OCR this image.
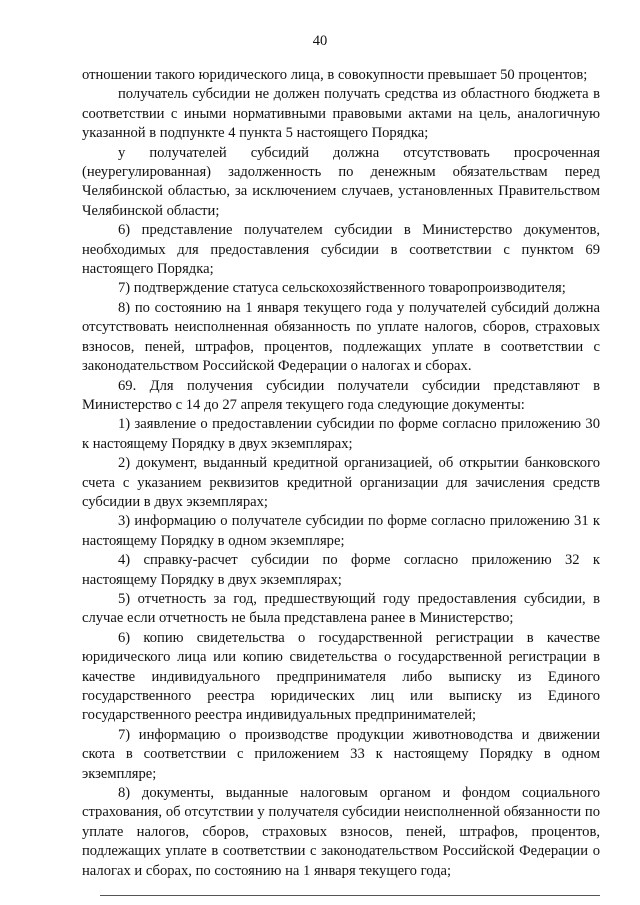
40

отношении такого юридического лица, в совокупности превышает 50 процентов;

получатель субсидии не должен получать средства из областного бюджета в соответствии с иными нормативными правовыми актами на цель, аналогичную указанной в подпункте 4 пункта 5 настоящего Порядка;

у получателей субсидий должна отсутствовать просроченная (неурегулированная) задолженность по денежным обязательствам перед Челябинской областью, за исключением случаев, установленных Правительством Челябинской области;

6) представление получателем субсидии в Министерство документов, необходимых для предоставления субсидии в соответствии с пунктом 69 настоящего Порядка;

7) подтверждение статуса сельскохозяйственного товаропроизводителя;

8) по состоянию на 1 января текущего года у получателей субсидий должна отсутствовать неисполненная обязанность по уплате налогов, сборов, страховых взносов, пеней, штрафов, процентов, подлежащих уплате в соответствии с законодательством Российской Федерации о налогах и сборах.

69. Для получения субсидии получатели субсидии представляют в Министерство с 14 до 27 апреля текущего года следующие документы:

1) заявление о предоставлении субсидии по форме согласно приложению 30 к настоящему Порядку в двух экземплярах;

2) документ, выданный кредитной организацией, об открытии банковского счета с указанием реквизитов кредитной организации для зачисления средств субсидии в двух экземплярах;

3) информацию о получателе субсидии по форме согласно приложению 31 к настоящему Порядку в одном экземпляре;

4) справку-расчет субсидии по форме согласно приложению 32 к настоящему Порядку в двух экземплярах;

5) отчетность за год, предшествующий году предоставления субсидии, в случае если отчетность не была представлена ранее в Министерство;

6) копию свидетельства о государственной регистрации в качестве юридического лица или копию свидетельства о государственной регистрации в качестве индивидуального предпринимателя либо выписку из Единого государственного реестра юридических лиц или выписку из Единого государственного реестра индивидуальных предпринимателей;

7) информацию о производстве продукции животноводства и движении скота в соответствии с приложением 33 к настоящему Порядку в одном экземпляре;

8) документы, выданные налоговым органом и фондом социального страхования, об отсутствии у получателя субсидии неисполненной обязанности по уплате налогов, сборов, страховых взносов, пеней, штрафов, процентов, подлежащих уплате в соответствии с законодательством Российской Федерации о налогах и сборах, по состоянию на 1 января текущего года;
